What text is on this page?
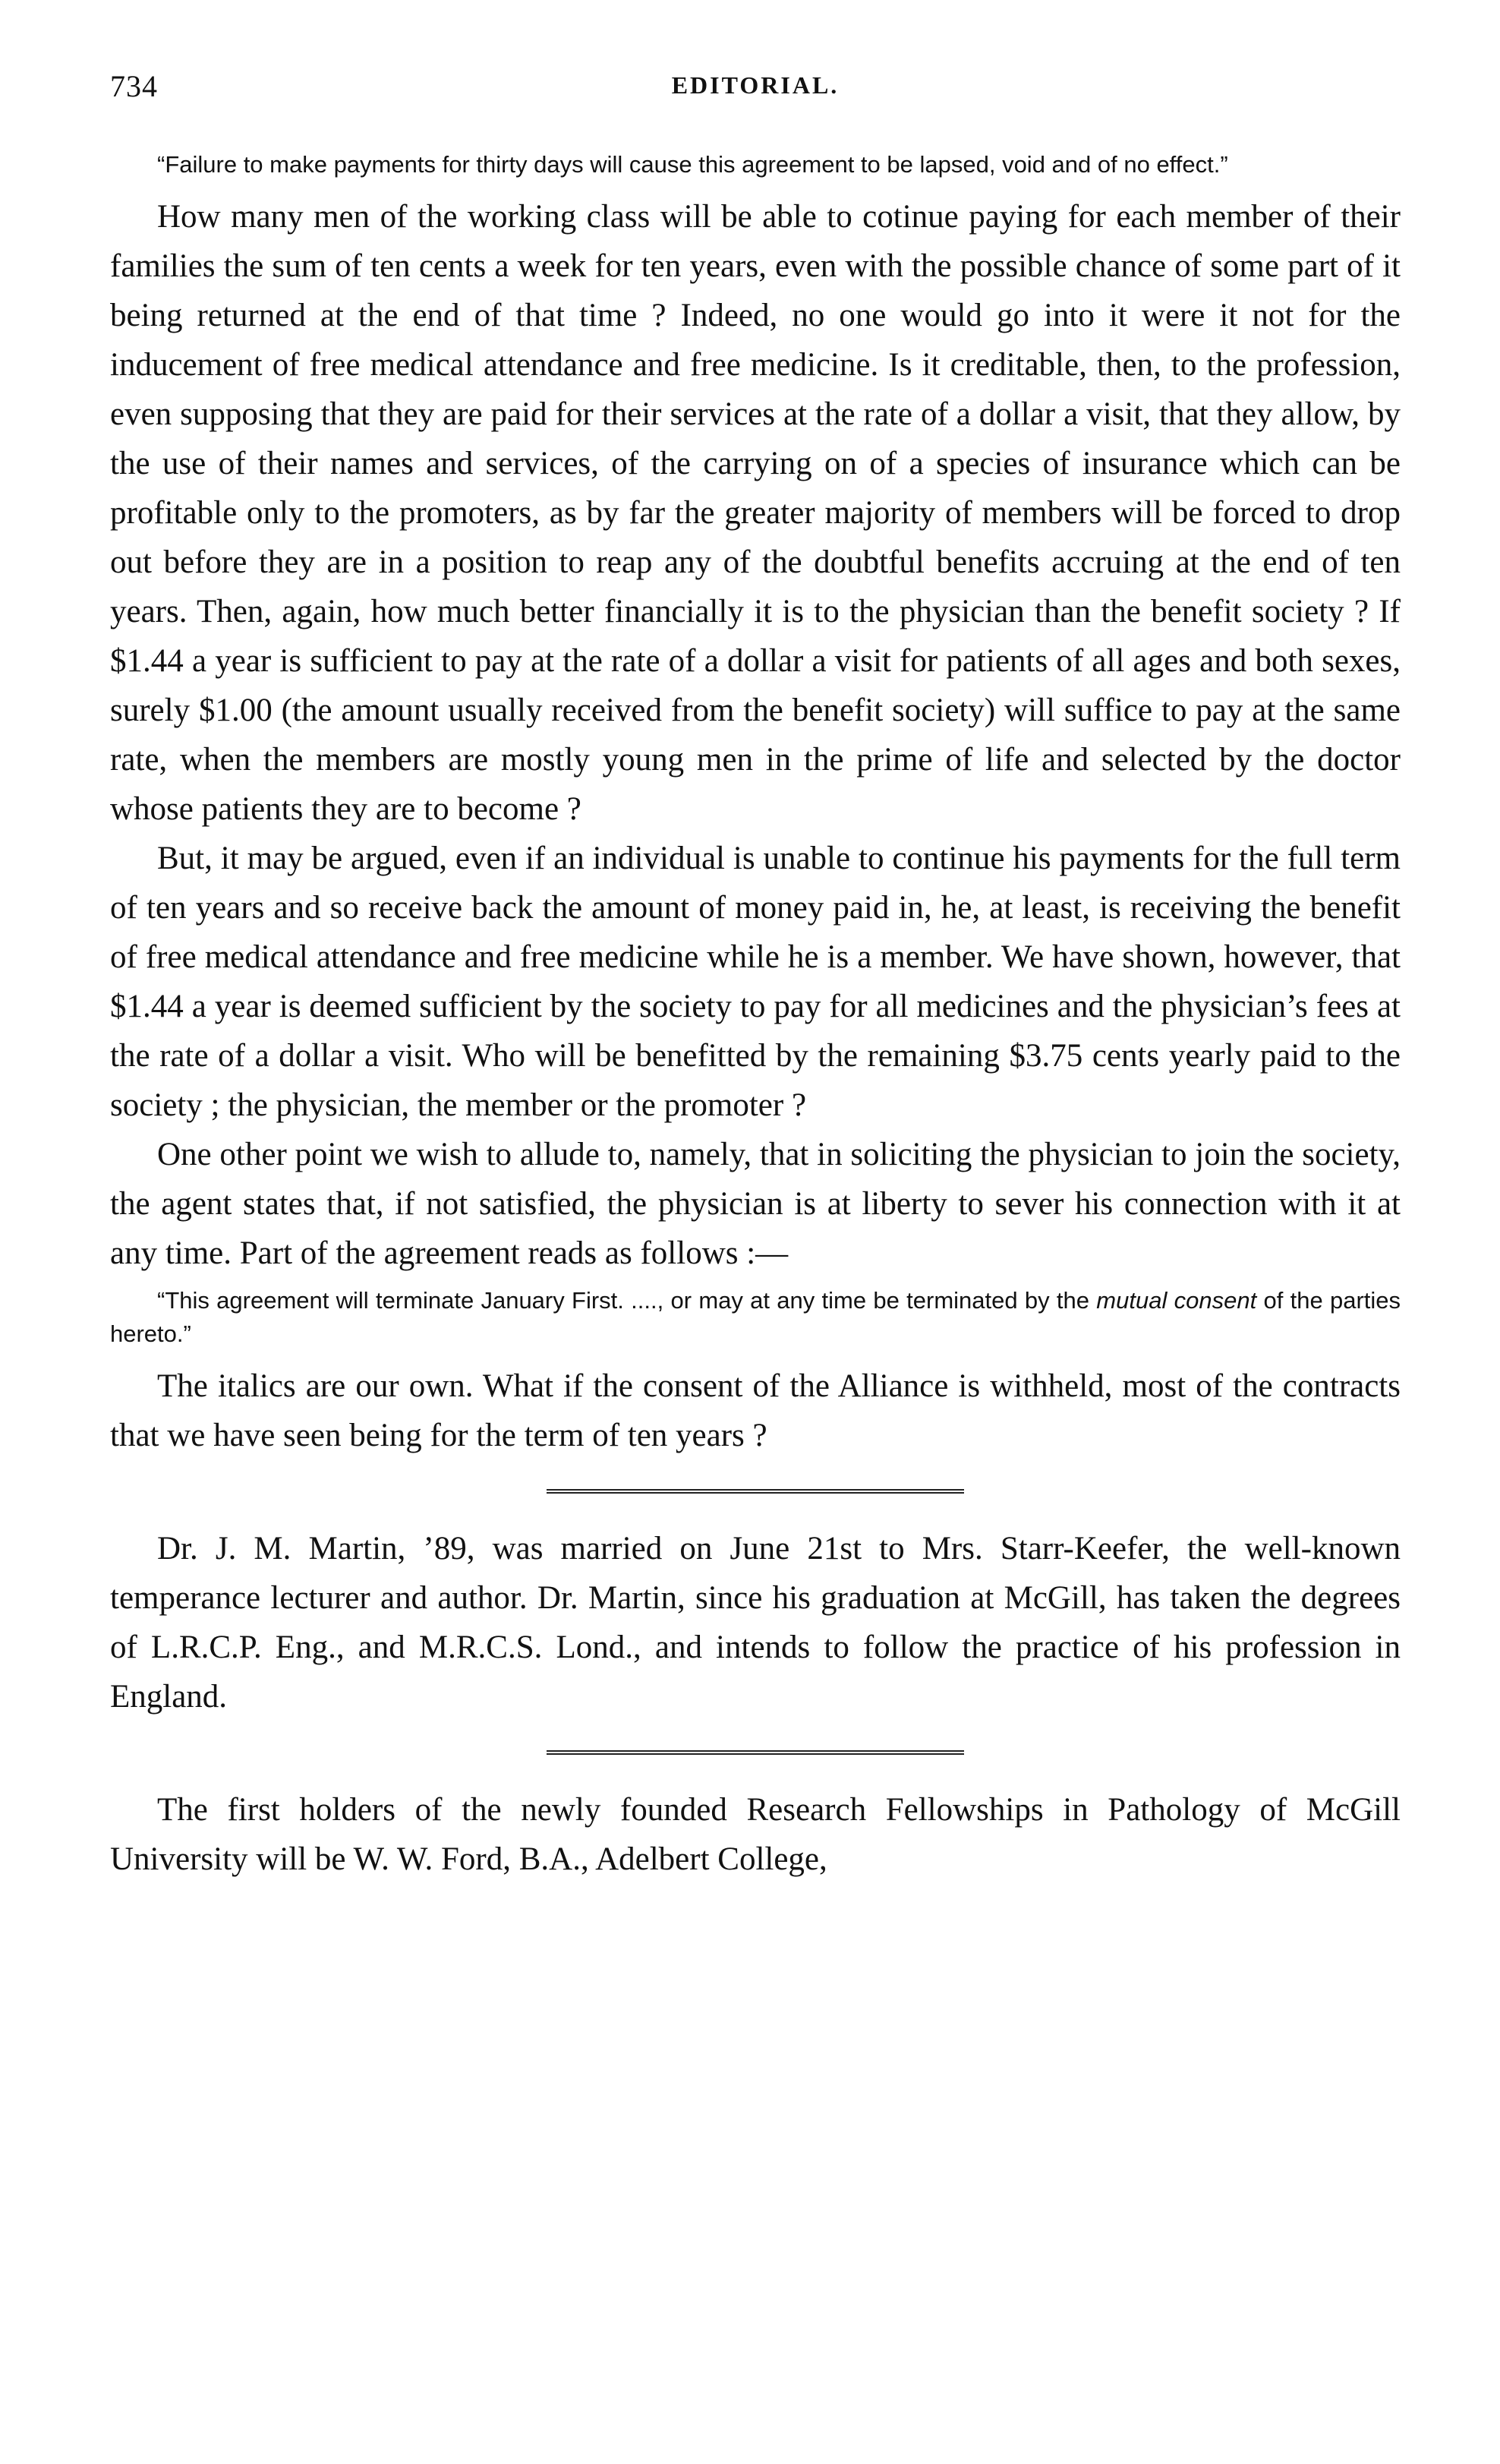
734	EDITORIAL.

“Failure to make payments for thirty days will cause this agreement to be lapsed, void and of no effect.”

How many men of the working class will be able to cotinue paying for each member of their families the sum of ten cents a week for ten years, even with the possible chance of some part of it being returned at the end of that time ? Indeed, no one would go into it were it not for the inducement of free medical attendance and free medicine. Is it creditable, then, to the profession, even supposing that they are paid for their services at the rate of a dollar a visit, that they allow, by the use of their names and services, of the carrying on of a species of insurance which can be profitable only to the promoters, as by far the greater majority of members will be forced to drop out before they are in a position to reap any of the doubtful benefits accruing at the end of ten years. Then, again, how much better financially it is to the physician than the benefit society ? If $1.44 a year is sufficient to pay at the rate of a dollar a visit for patients of all ages and both sexes, surely $1.00 (the amount usually received from the benefit society) will suffice to pay at the same rate, when the members are mostly young men in the prime of life and selected by the doctor whose patients they are to become ?

But, it may be argued, even if an individual is unable to continue his payments for the full term of ten years and so receive back the amount of money paid in, he, at least, is receiving the benefit of free medical attendance and free medicine while he is a member. We have shown, however, that $1.44 a year is deemed sufficient by the society to pay for all medicines and the physician’s fees at the rate of a dollar a visit. Who will be benefitted by the remaining $3.75 cents yearly paid to the society ; the physician, the member or the promoter ?

One other point we wish to allude to, namely, that in soliciting the physician to join the society, the agent states that, if not satisfied, the physician is at liberty to sever his connection with it at any time. Part of the agreement reads as follows :—

“This agreement will terminate January First. ...., or may at any time be terminated by the mutual consent of the parties hereto.”

The italics are our own. What if the consent of the Alliance is withheld, most of the contracts that we have seen being for the term of ten years ?

Dr. J. M. Martin, ’89, was married on June 21st to Mrs. Starr-Keefer, the well-known temperance lecturer and author. Dr. Martin, since his graduation at McGill, has taken the degrees of L.R.C.P. Eng., and M.R.C.S. Lond., and intends to follow the practice of his profession in England.

The first holders of the newly founded Research Fellowships in Pathology of McGill University will be W. W. Ford, B.A., Adelbert College,
